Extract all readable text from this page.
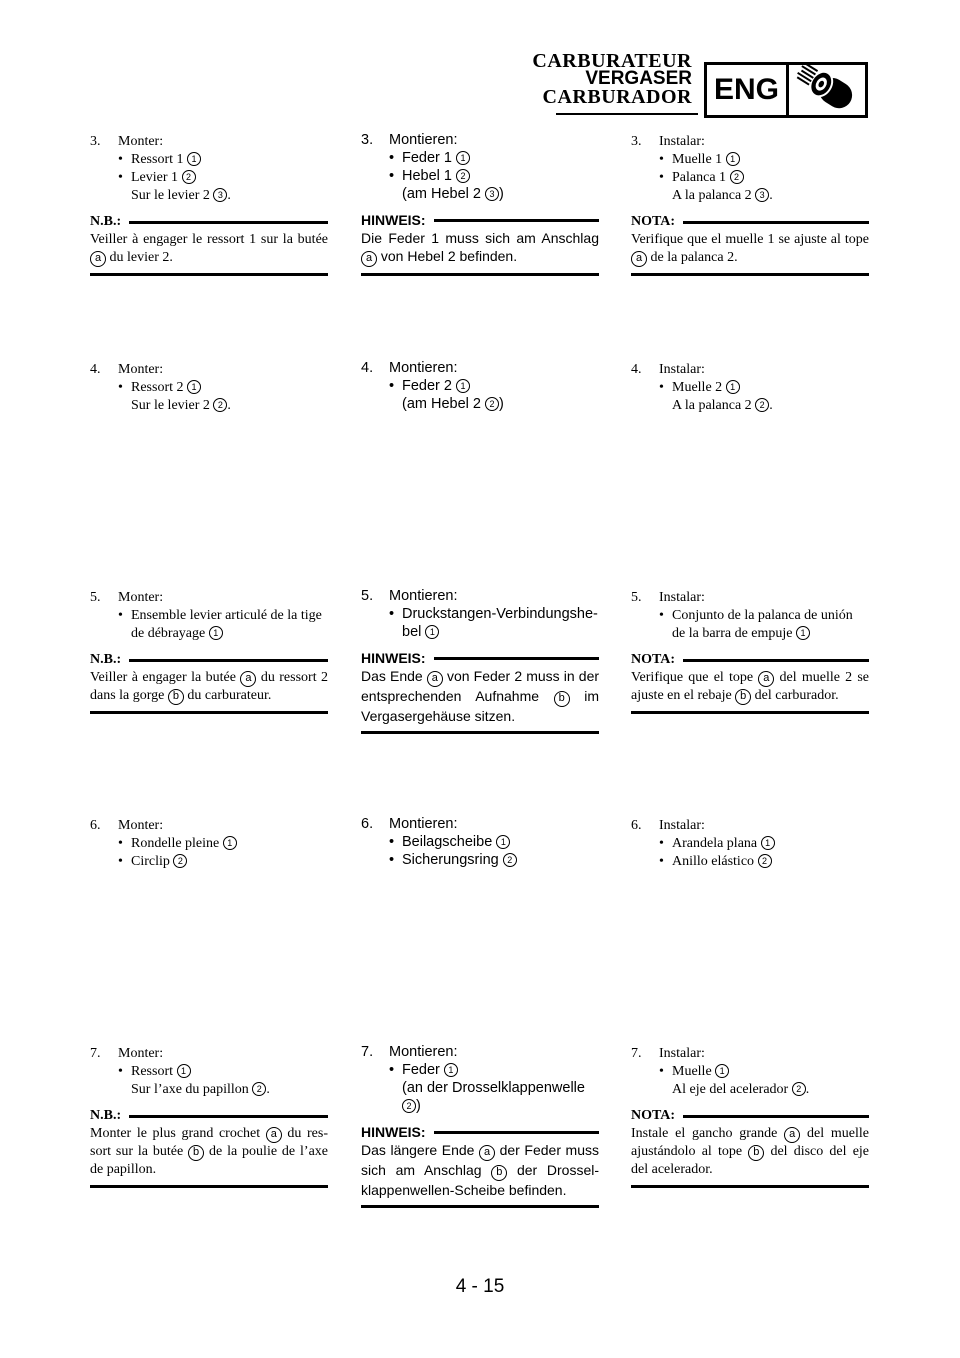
CARBURATEUR
VERGASER
CARBURADOR ENG
3. Monter:
• Ressort 1 1
• Levier 1 2
Sur le levier 2 3 .
N.B.:
Veiller à engager le ressort 1 sur la butée a du levier 2.
4. Monter:
• Ressort 2 1
Sur le levier 2 2 .
5. Monter:
• Ensemble levier articulé de la tige
de débrayage 1
N.B.:
Veiller à engager la butée a du ressort 2 dans la gorge b du carburateur.
6. Monter:
• Rondelle pleine 1
• Circlip 2
7. Monter:
• Ressort 1
Sur l’axe du papillon 2 .
N.B.:
Monter le plus grand crochet a du res- sort sur la butée b de la poulie de l’axe de papillon.
3. Montieren:
• Feder 1 1
• Hebel 1 2
(am Hebel 2 3 )
HINWEIS:
Die Feder 1 muss sich am Anschlag a von Hebel 2 befinden.
4. Montieren:
• Feder 2 1
(am Hebel 2 2 )
5. Montieren:
• Druckstangen-Verbindungshe-
bel 1
HINWEIS:
Das Ende a von Feder 2 muss in der entsprechenden Aufnahme b im Vergasergehäuse sitzen.
6. Montieren:
• Beilagscheibe 1
• Sicherungsring 2
7. Montieren:
• Feder 1
(an der Drosselklappenwelle
2 )
HINWEIS:
Das längere Ende a der Feder muss sich am Anschlag b der Drossel- klappenwellen-Scheibe befinden.
3. Instalar:
• Muelle 1 1
• Palanca 1 2
A la palanca 2 3 .
NOTA:
Verifique que el muelle 1 se ajuste al tope a de la palanca 2.
4. Instalar:
• Muelle 2 1
A la palanca 2 2 .
5. Instalar:
• Conjunto de la palanca de unión
de la barra de empuje 1
NOTA:
Verifique que el tope a del muelle 2 se ajuste en el rebaje b del carburador.
6. Instalar:
• Arandela plana 1
• Anillo elástico 2
7. Instalar:
• Muelle 1
Al eje del acelerador 2 .
NOTA:
Instale el gancho grande a del muelle ajustándolo al tope b del disco del eje del acelerador.
4 - 15
